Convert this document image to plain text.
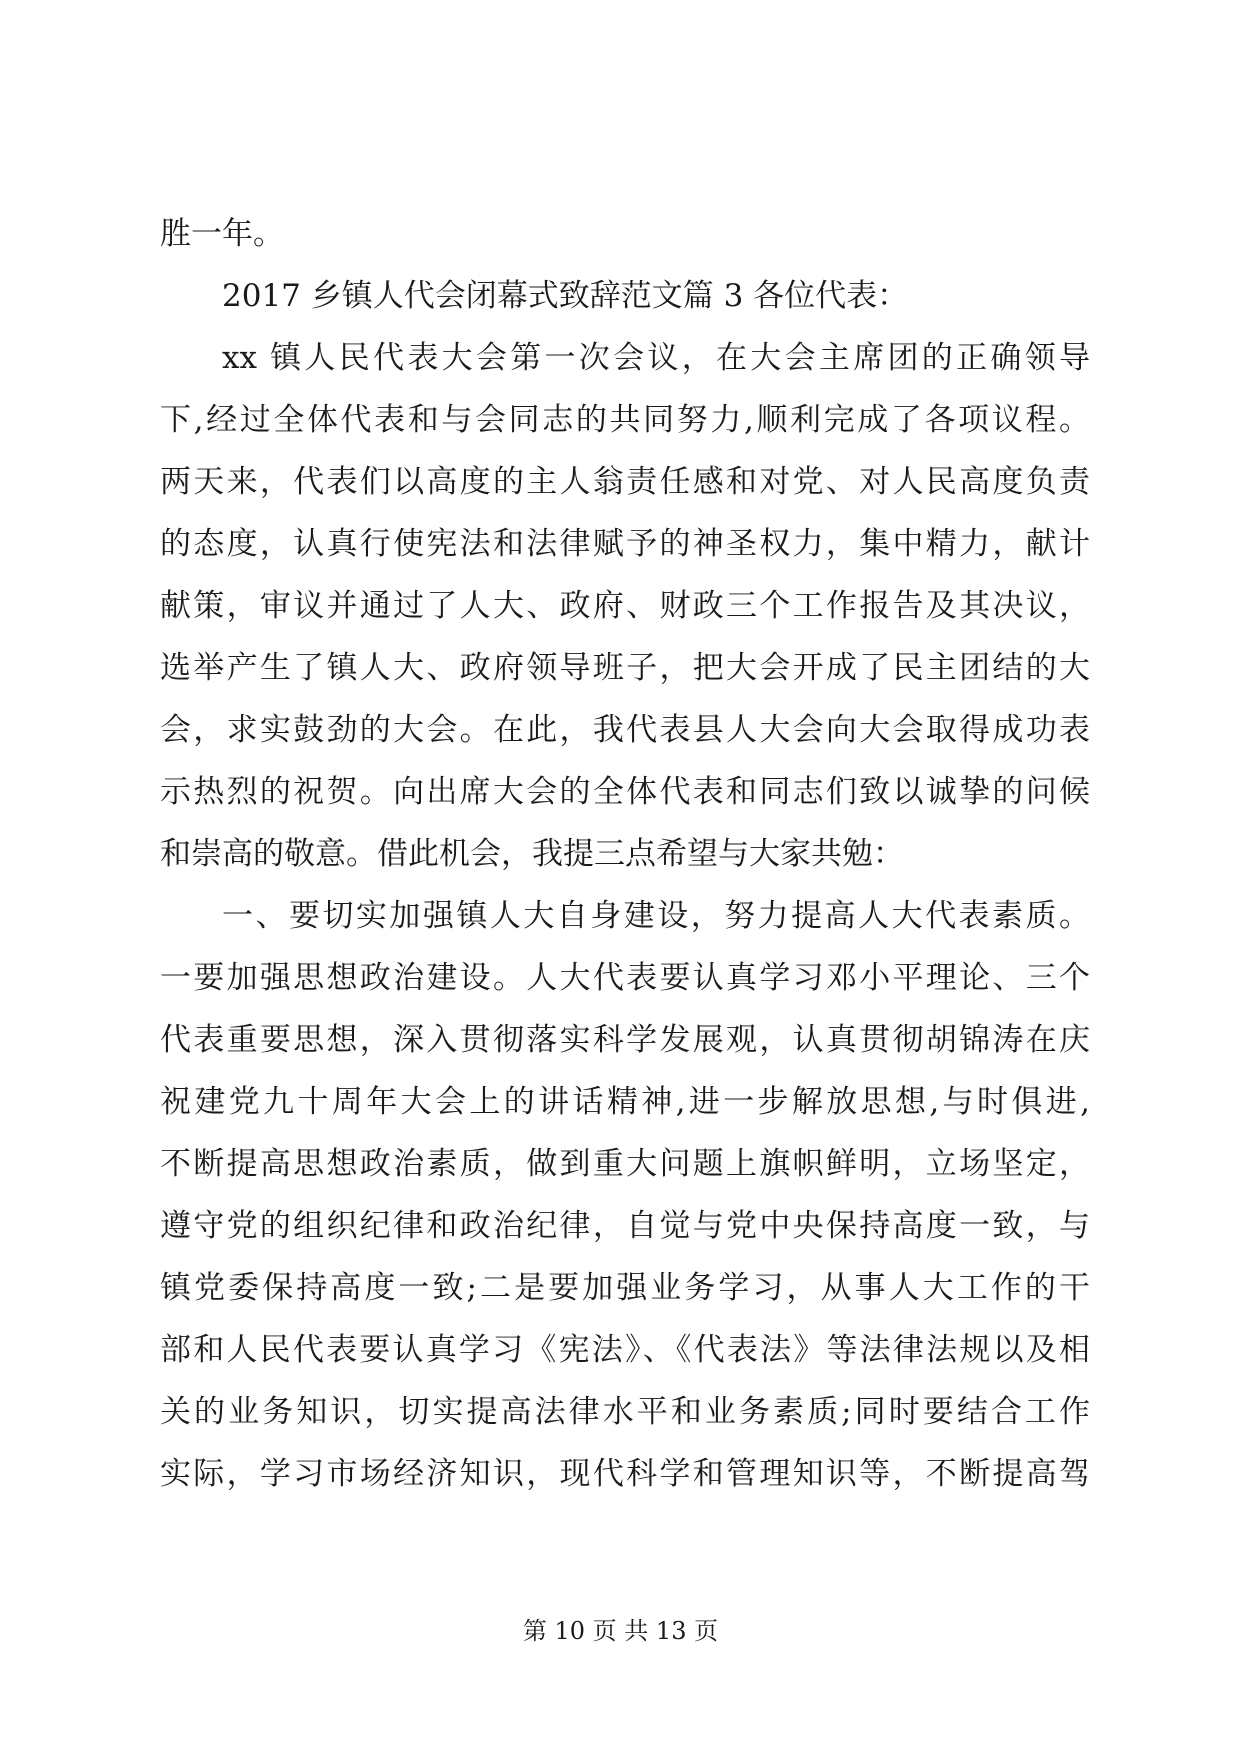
胜一年。
2017 乡镇人代会闭幕式致辞范文篇 3 各位代表：
xx 镇人民代表大会第一次会议，在大会主席团的正确领导
下,经过全体代表和与会同志的共同努力,顺利完成了各项议程。
两天来，代表们以高度的主人翁责任感和对党、对人民高度负责
的态度，认真行使宪法和法律赋予的神圣权力，集中精力，献计
献策，审议并通过了人大、政府、财政三个工作报告及其决议，
选举产生了镇人大、政府领导班子，把大会开成了民主团结的大
会，求实鼓劲的大会。在此，我代表县人大会向大会取得成功表
示热烈的祝贺。向出席大会的全体代表和同志们致以诚挚的问候
和崇高的敬意。借此机会，我提三点希望与大家共勉：
一、要切实加强镇人大自身建设，努力提高人大代表素质。
一要加强思想政治建设。人大代表要认真学习邓小平理论、三个
代表重要思想，深入贯彻落实科学发展观，认真贯彻胡锦涛在庆
祝建党九十周年大会上的讲话精神,进一步解放思想,与时俱进,
不断提高思想政治素质，做到重大问题上旗帜鲜明，立场坚定，
遵守党的组织纪律和政治纪律，自觉与党中央保持高度一致，与
镇党委保持高度一致;二是要加强业务学习，从事人大工作的干
部和人民代表要认真学习《宪法》、《代表法》等法律法规以及相
关的业务知识，切实提高法律水平和业务素质;同时要结合工作
实际，学习市场经济知识，现代科学和管理知识等，不断提高驾
第 10 页 共 13 页
